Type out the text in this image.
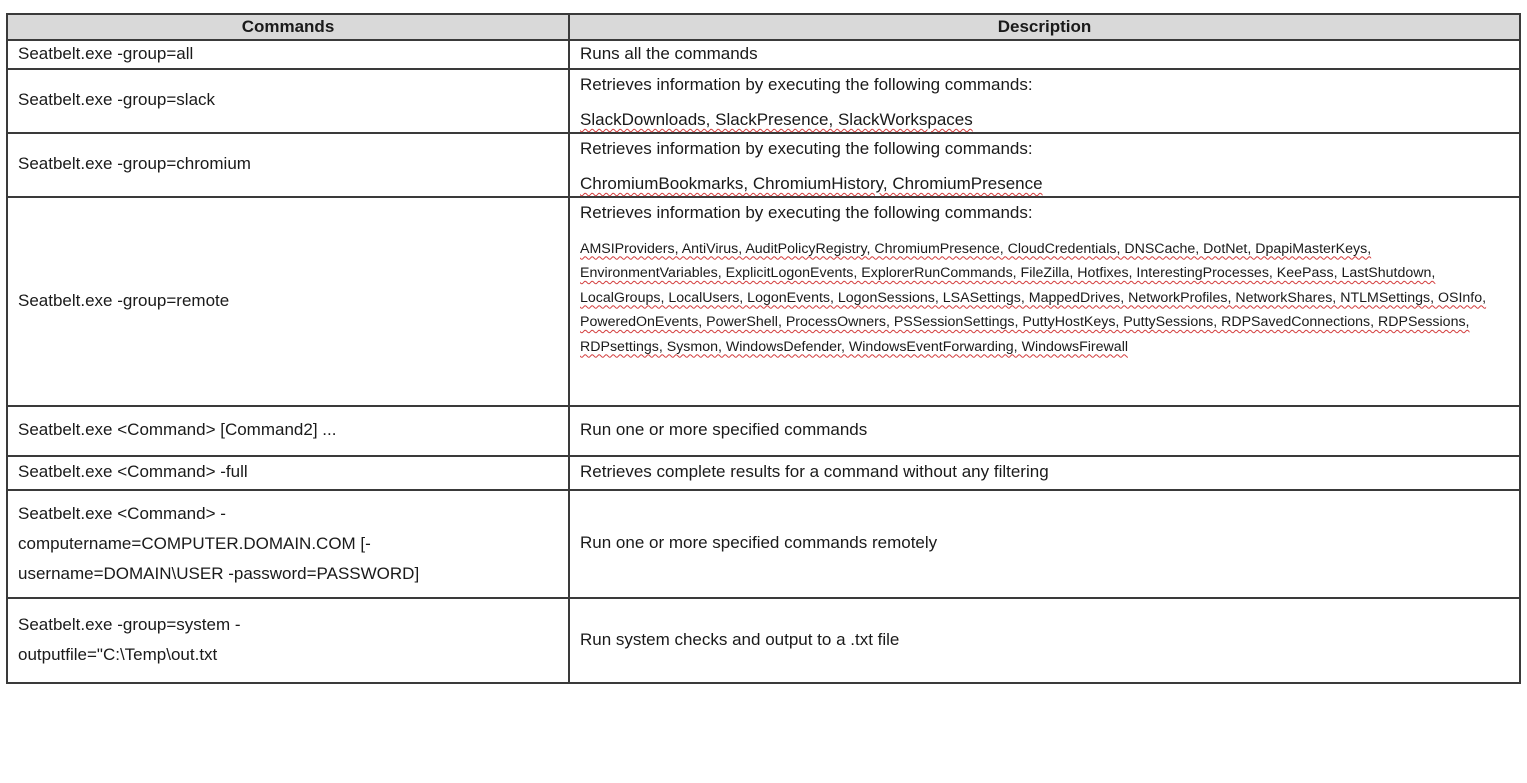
Commands	Description
Seatbelt.exe -group=all	Runs all the commands
Seatbelt.exe -group=slack	Retrieves information by executing the following commands:
SlackDownloads, SlackPresence, SlackWorkspaces

Seatbelt.exe -group=chromium	Retrieves information by executing the following commands:
ChromiumBookmarks, ChromiumHistory, ChromiumPresence

Seatbelt.exe -group=remote	Retrieves information by executing the following commands:
AMSIProviders, AntiVirus, AuditPolicyRegistry, ChromiumPresence, CloudCredentials, DNSCache, DotNet, DpapiMasterKeys, EnvironmentVariables, ExplicitLogonEvents, ExplorerRunCommands, FileZilla, Hotfixes, InterestingProcesses, KeePass, LastShutdown, LocalGroups, LocalUsers, LogonEvents, LogonSessions, LSASettings, MappedDrives, NetworkProfiles, NetworkShares, NTLMSettings, OSInfo, PoweredOnEvents, PowerShell, ProcessOwners, PSSessionSettings, PuttyHostKeys, PuttySessions, RDPSavedConnections, RDPSessions, RDPsettings, Sysmon, WindowsDefender, WindowsEventForwarding, WindowsFirewall

Seatbelt.exe <Command> [Command2] ...	Run one or more specified commands
Seatbelt.exe <Command> -full	Retrieves complete results for a command without any filtering

Seatbelt.exe <Command> -
computername=COMPUTER.DOMAIN.COM [-
username=DOMAIN\USER -password=PASSWORD]	Run one or more specified commands remotely

Seatbelt.exe -group=system -
outputfile="C:\Temp\out.txt	Run system checks and output to a .txt file
